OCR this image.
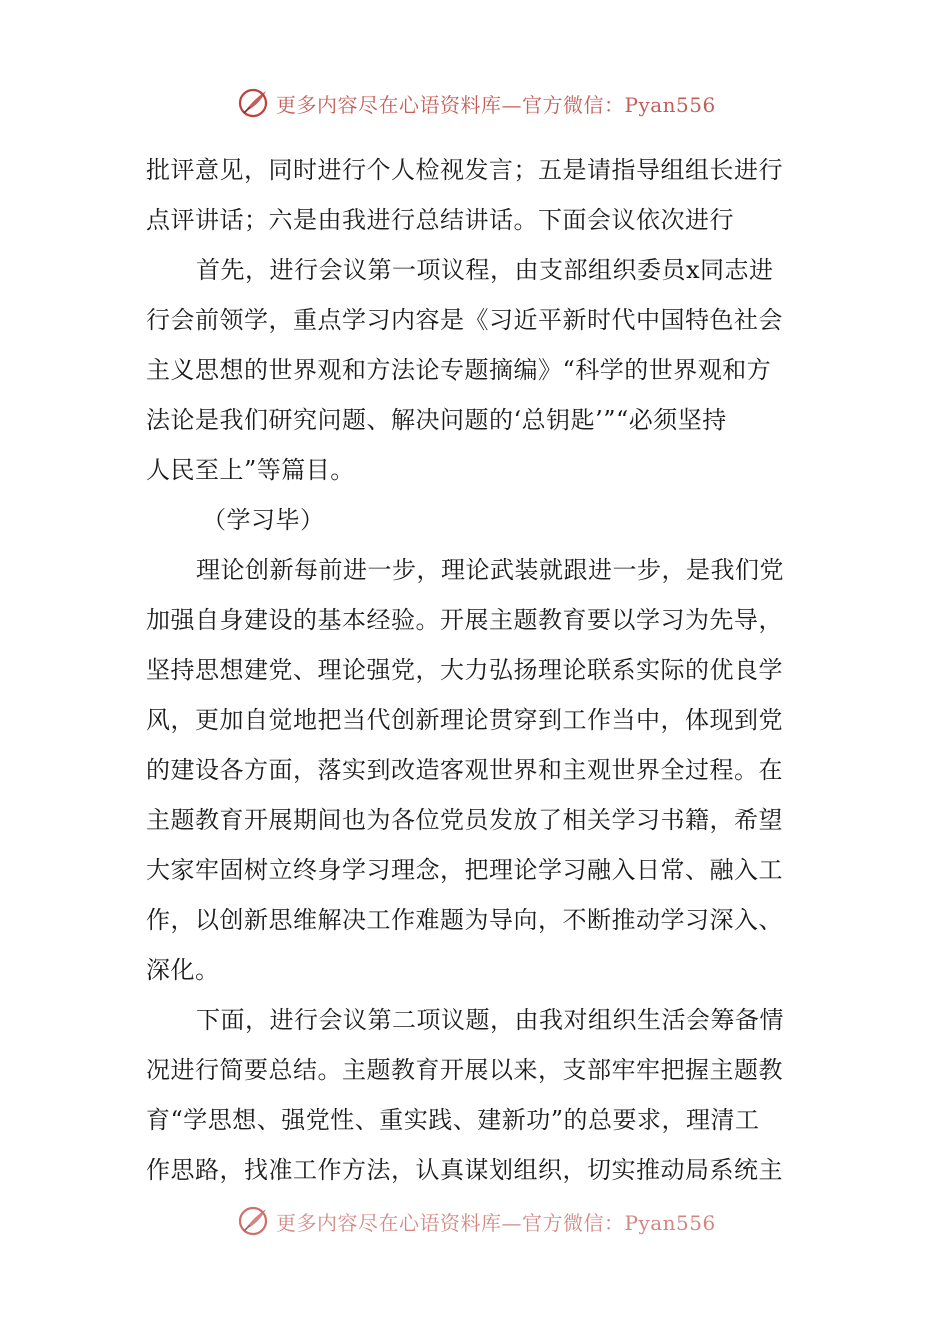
更多内容尽在心语资料库—官方微信：Pyan556
批评意见，同时进行个人检视发言；五是请指导组组长进行
点评讲话；六是由我进行总结讲话。下面会议依次进行
首先，进行会议第一项议程，由支部组织委员x同志进
行会前领学，重点学习内容是《习近平新时代中国特色社会
主义思想的世界观和方法论专题摘编》“科学的世界观和方
法论是我们研究问题、解决问题的‘总钥匙’”“必须坚持
人民至上”等篇目。
（学习毕）
理论创新每前进一步，理论武装就跟进一步，是我们党
加强自身建设的基本经验。开展主题教育要以学习为先导，
坚持思想建党、理论强党，大力弘扬理论联系实际的优良学
风，更加自觉地把当代创新理论贯穿到工作当中，体现到党
的建设各方面，落实到改造客观世界和主观世界全过程。在
主题教育开展期间也为各位党员发放了相关学习书籍，希望
大家牢固树立终身学习理念，把理论学习融入日常、融入工
作，以创新思维解决工作难题为导向，不断推动学习深入、
深化。
下面，进行会议第二项议题，由我对组织生活会筹备情
况进行简要总结。主题教育开展以来，支部牢牢把握主题教
育“学思想、强党性、重实践、建新功”的总要求，理清工
作思路，找准工作方法，认真谋划组织，切实推动局系统主
更多内容尽在心语资料库—官方微信：Pyan556
